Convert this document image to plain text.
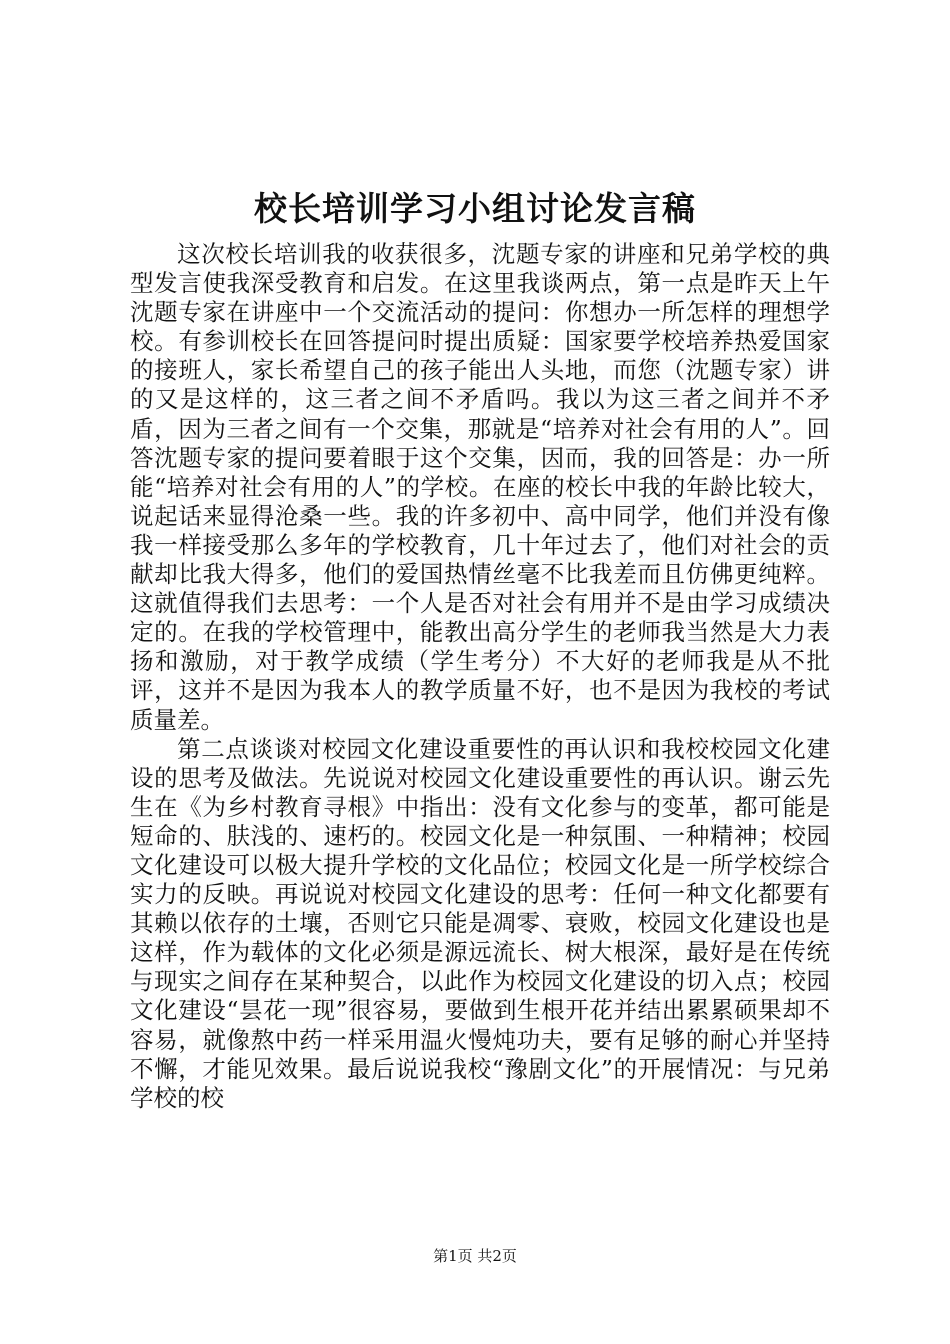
校长培训学习小组讨论发言稿

这次校长培训我的收获很多，沈题专家的讲座和兄弟学校的典型发言使我深受教育和启发。在这里我谈两点，第一点是昨天上午沈题专家在讲座中一个交流活动的提问：你想办一所怎样的理想学校。有参训校长在回答提问时提出质疑：国家要学校培养热爱国家的接班人，家长希望自己的孩子能出人头地，而您（沈题专家）讲的又是这样的，这三者之间不矛盾吗。我以为这三者之间并不矛盾，因为三者之间有一个交集，那就是“培养对社会有用的人”。回答沈题专家的提问要着眼于这个交集，因而，我的回答是：办一所能“培养对社会有用的人”的学校。在座的校长中我的年龄比较大，说起话来显得沧桑一些。我的许多初中、高中同学，他们并没有像我一样接受那么多年的学校教育，几十年过去了，他们对社会的贡献却比我大得多，他们的爱国热情丝毫不比我差而且仿佛更纯粹。这就值得我们去思考：一个人是否对社会有用并不是由学习成绩决定的。在我的学校管理中，能教出高分学生的老师我当然是大力表扬和激励，对于教学成绩（学生考分）不大好的老师我是从不批评，这并不是因为我本人的教学质量不好，也不是因为我校的考试质量差。

第二点谈谈对校园文化建设重要性的再认识和我校校园文化建设的思考及做法。先说说对校园文化建设重要性的再认识。谢云先生在《为乡村教育寻根》中指出：没有文化参与的变革，都可能是短命的、肤浅的、速朽的。校园文化是一种氛围、一种精神；校园文化建设可以极大提升学校的文化品位；校园文化是一所学校综合实力的反映。再说说对校园文化建设的思考：任何一种文化都要有其赖以依存的土壤，否则它只能是凋零、衰败，校园文化建设也是这样，作为载体的文化必须是源远流长、树大根深，最好是在传统与现实之间存在某种契合，以此作为校园文化建设的切入点；校园文化建设“昙花一现”很容易，要做到生根开花并结出累累硕果却不容易，就像熬中药一样采用温火慢炖功夫，要有足够的耐心并坚持不懈，才能见效果。最后说说我校“豫剧文化”的开展情况：与兄弟学校的校

第1页 共2页
